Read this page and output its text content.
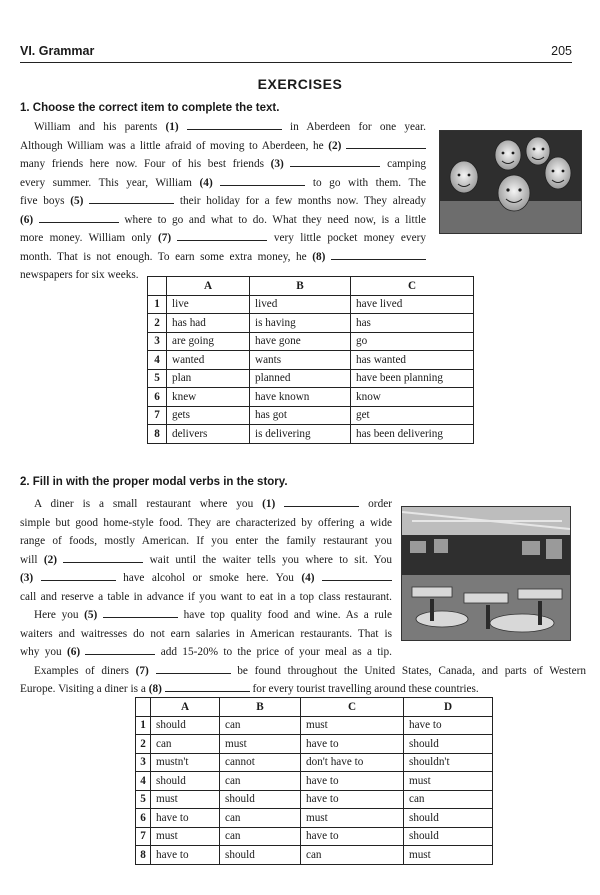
VI. Grammar	205
EXERCISES
1. Choose the correct item to complete the text.
William and his parents (1)	in Aberdeen for one year.
Although William was a little afraid of moving to Aberdeen, he (2)
many friends here now. Four of his best friends (3)	camping
every summer. This year, William (4)	to go with them. The
five boys (5)	their holiday for a few months now. They already
(6)	where to go and what to do. What they need now, is a little
more money. William only (7)	very little pocket money every
month. That is not enough. To earn some extra money, he (8)
newspapers for six weeks.
	A	B	C
1	live	lived	have lived
2	has had	is having	has
3	are going	have gone	go
4	wanted	wants	has wanted
5	plan	planned	have been planning
6	knew	have known	know
7	gets	has got	get
8	delivers	is delivering	has been delivering
2. Fill in with the proper modal verbs in the story.
A diner is a small restaurant where you (1)	order
simple but good home-style food. They are characterized by offering a wide
range of foods, mostly American. If you enter the family restaurant you
will (2)	wait until the waiter tells you where to sit. You
(3)	have alcohol or smoke here. You (4)
call and reserve a table in advance if you want to eat in a top class restaurant.
Here you (5)	have top quality food and wine. As a rule
waiters and waitresses do not earn salaries in American restaurants. That is
why you (6)	add 15-20% to the price of your meal as a tip.
Examples of diners (7)	be found throughout the United States, Canada, and parts of Western
Europe. Visiting a diner is a (8)	for every tourist travelling around these countries.
	A	B	C	D
1	should	can	must	have to
2	can	must	have to	should
3	mustn't	cannot	don't have to	shouldn't
4	should	can	have to	must
5	must	should	have to	can
6	have to	can	must	should
7	must	can	have to	should
8	have to	should	can	must
